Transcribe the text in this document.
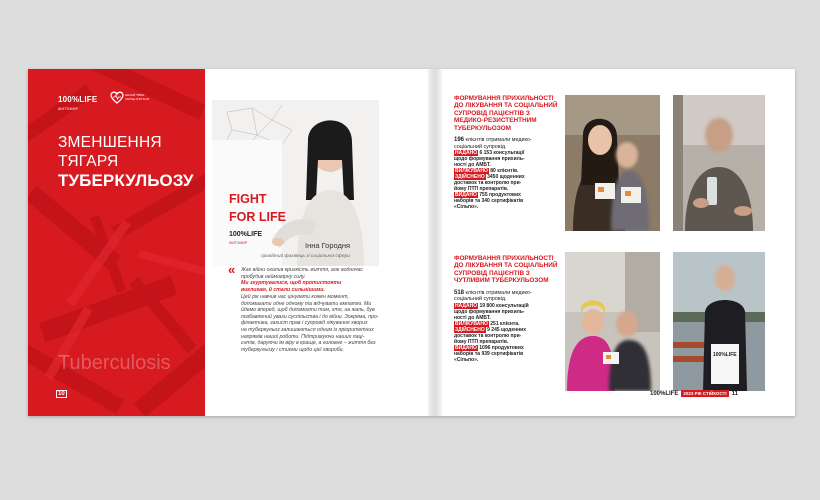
100%LIFE
ЖИТОМИР
НЕХАЙ ТВОЄ СЕРЦЕ Б'ЄТЬСЯ
ЗМЕНШЕННЯ
ТЯГАРЯ
ТУБЕРКУЛЬОЗУ
Tuberculosis
10
FIGHT
FOR LIFE
100%LIFE
ЖИТОМИР	Інна Городня
провідний фахівець зі соціальної сфери
« Жах війни оголив крихкість життя, але водночас
пробудив неймовірну силу.
Ми згуртувалися, щоб протистояти
викликам, й стали сильнішими.
Цей рік навчив нас цінувати кожен момент,
допомагати одне одному та відчувати емпатію. Ми
йдемо вперед, щоб допомогти тим, хто, на жаль, був
позбавлений уваги суспільства і до війни. Зокрема, про-
філактика, захист прав і супровід лікування хворих
на туберкульоз залишаються одним із пріоритетних
напрямів нашої роботи. Підтримуючи наших паці-
єнтів, даруючи їм віру в краще, а головне – життя без
туберкульозу і стигми щодо цієї хвороби.
ФОРМУВАННЯ ПРИХИЛЬНОСТІ
ДО ЛІКУВАННЯ ТА СОЦІАЛЬНИЙ
СУПРОВІД ПАЦІЄНТІВ З
МЕДИКО-РЕЗИСТЕНТНИМ
ТУБЕРКУЛЬОЗОМ
196 клієнтів отримали медико-
соціальний супровід.
НАДАНО 6 153 консультації
щодо формування прихиль-
ності до АМБТ.
ВИЛІКУВАНО 80 клієнтів.
ЗДІЙСНЕНО 3450 щоденних
доставок та контролю при-
йому ПТП препаратів.
ВИДАНО 755 продуктових
наборів та 340 сертифікатів
«Сільпо».
ФОРМУВАННЯ ПРИХИЛЬНОСТІ
ДО ЛІКУВАННЯ ТА СОЦІАЛЬНИЙ
СУПРОВІД ПАЦІЄНТІВ З
ЧУТЛИВИМ ТУБЕРКУЛЬОЗОМ
518 клієнтів отримали медико-
соціальний супровід.
НАДАНО 19 800 консультацій
щодо формування прихиль-
ності до АМБТ.
ВИЛІКУВАНО 251 клієнта.
ЗДІЙСНЕНО 9 245 щоденних
доставок та контролю при-
йому ПТП препаратів.
ВИДАНО 1096 продуктових
наборів та 939 сертифікатів
«Сільпо».
100%LIFE
100%LIFE	2023 РІК СТІЙКОСТІ 11
